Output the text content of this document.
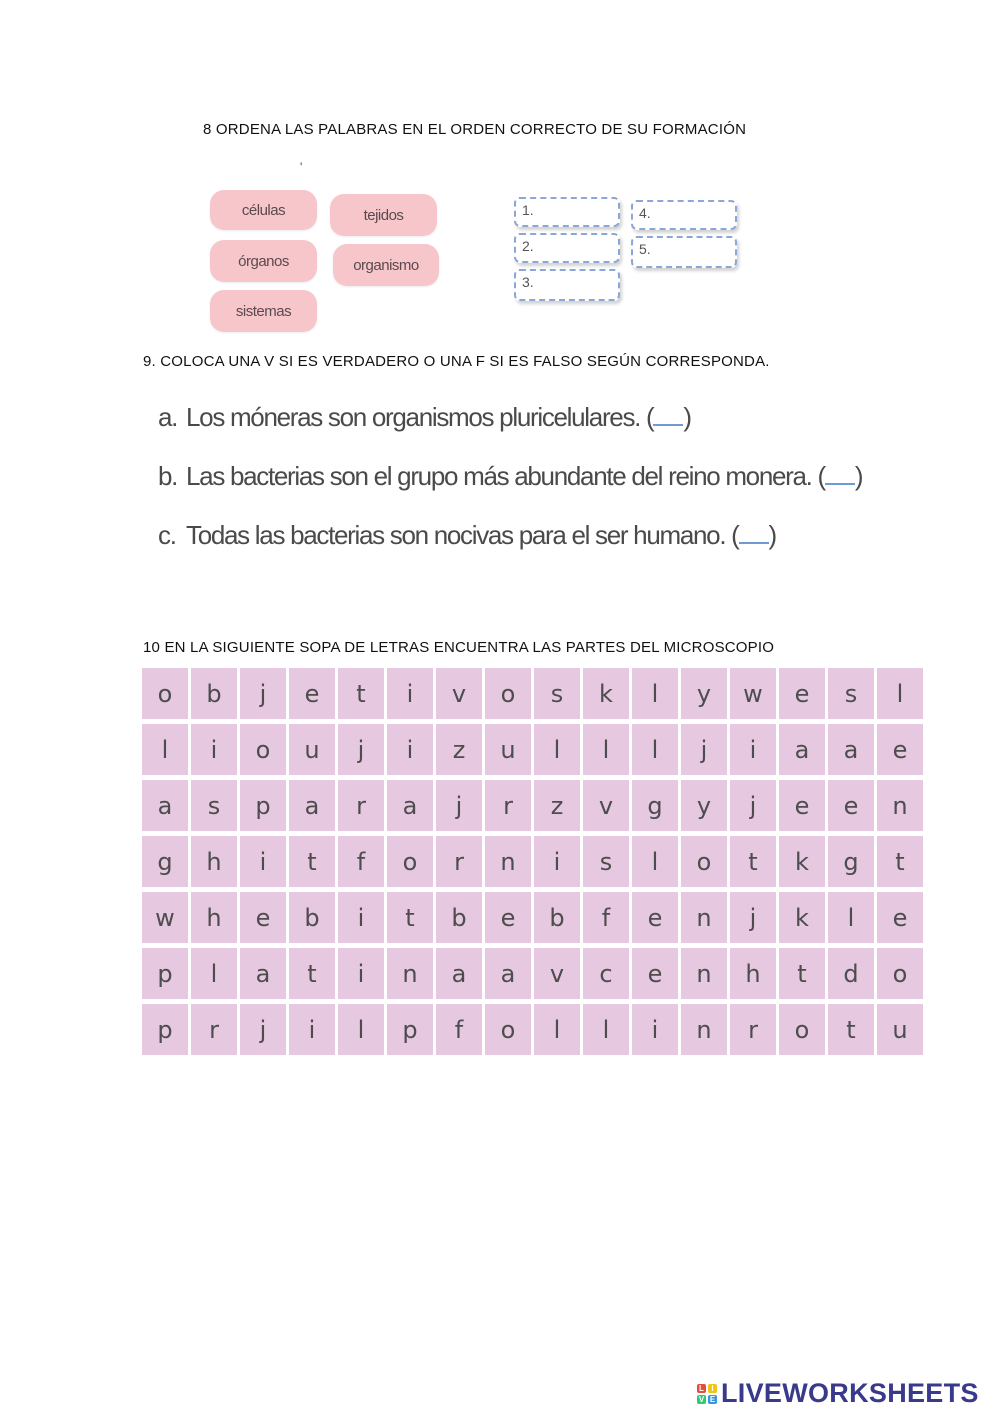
8 ORDENA LAS PALABRAS EN EL ORDEN CORRECTO DE SU FORMACIÓN
'
células	tejidos
órganos	organismo
sistemas
1.
2.
3.
4.
5.
9. COLOCA UNA V SI ES VERDADERO O UNA F SI ES FALSO SEGÚN CORRESPONDA.
a. Los móneras son organismos pluricelulares. ( )
b. Las bacterias son el grupo más abundante del reino monera. ( )
c. Todas las bacterias son nocivas para el ser humano. ( )
10 EN LA SIGUIENTE SOPA DE LETRAS ENCUENTRA LAS PARTES DEL MICROSCOPIO
o	b	j	e	t	i	v	o	s	k	l	y	w	e	s	l
l	i	o	u	j	i	z	u	l	l	l	j	i	a	a	e
a	s	p	a	r	a	j	r	z	v	g	y	j	e	e	n
g	h	i	t	f	o	r	n	i	s	l	o	t	k	g	t
w	h	e	b	i	t	b	e	b	f	e	n	j	k	l	e
p	l	a	t	i	n	a	a	v	c	e	n	h	t	d	o
p	r	j	i	l	p	f	o	l	l	i	n	r	o	t	u
L I
V E LIVEWORKSHEETS
